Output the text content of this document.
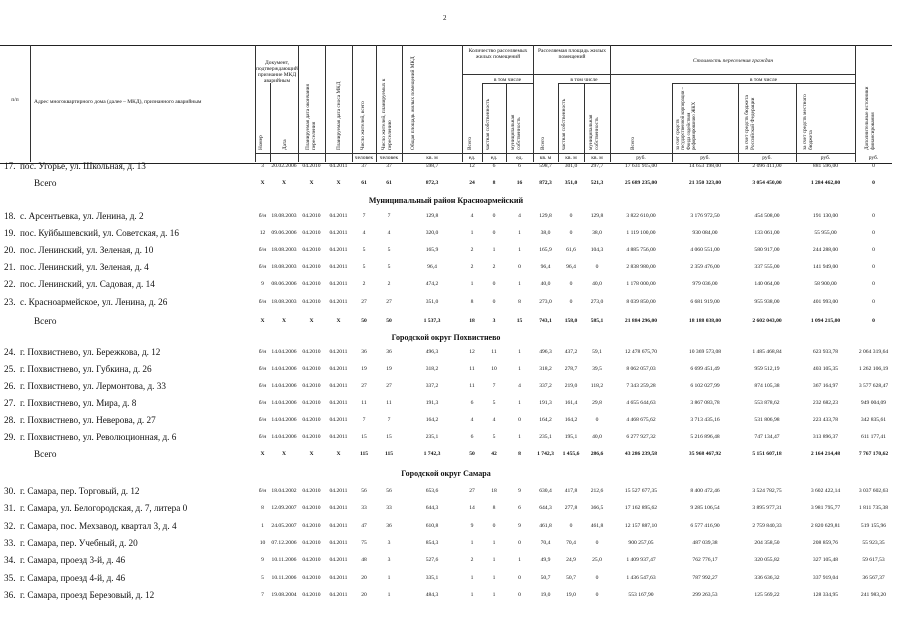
2
п/п	Адрес многоквартирного дома (далее – МКД), признанного аварийным
Документ, подтверждающий признание МКД аварийным
Номер	Дата	Планируемая дата окончания переселения	Планируемая дата сноса МКД	Число жителей, всего	Число жителей, планируемых к переселению	Общая площадь жилых помещений МКД
Количество расселяемых жилых помещений
Всего
в том числе
частная собственность	муниципальная собственность
Расселяемая площадь жилых помещений
Всего
в том числе
частная собственность	муниципальная собственность
Стоимость переселения граждан
Всего
в том числе
за счет средств государственной корпорации – Фонда содействия реформированию ЖКХ	за счет средств бюджета Российской Федерации	за счет средств местного бюджета	Дополнительные источники финансирования
человек	человек	кв. м	ед.	ед.	ед.	кв. м	кв. м	кв. м	руб.	руб.	руб.	руб.	руб.
17. пос. Угорье, ул. Школьная, д. 13	3	20.02.2006	04.2010	04.2011	37	37	598,7	12	6	6	598,7	301,0	297,7	17 631 915,00	14 653 198,00	2 096 411,00	881 596,00	0
Всего	X	X	X	X	61	61	872,3	24	8	16	872,3	351,0	521,3	25 689 235,00	21 350 323,00	3 054 450,00	1 284 462,00	0
Муниципальный район Красноармейский
18. с. Арсентьевка, ул. Ленина, д. 2	б/н 18.08.2003	04.2010	04.2011	7	7	129,8	4	0	4	129,8	0	129,8	3 822 610,00	3 176 972,50	454 508,00	191 130,00	0
19. пос. Куйбышевский, ул. Советская, д. 16	12	09.06.2006	04.2010	04.2011	4	4	320,0	1	0	1	38,0	0	38,0	1 119 100,00	930 084,00	133 061,00	55 955,00	0
20. пос. Ленинский, ул. Зеленая, д. 10	б/н 18.08.2003	04.2010	04.2011	5	5	165,9	2	1	1	165,9	61,6	104,3	4 885 756,00	4 060 551,00	580 917,00	244 288,00	0
21. пос. Ленинский, ул. Зеленая, д. 4	б/н 18.08.2003	04.2010	04.2011	5	5	96,4	2	2	0	96,4	96,4	0	2 838 980,00	2 359 476,00	337 555,00	141 949,00	0
22. пос. Ленинский, ул. Садовая, д. 14	9	08.06.2006	04.2010	04.2011	2	2	474,2	1	0	1	40,0	0	40,0	1 178 000,00	979 036,00	140 064,00	58 900,00	0
23. с. Красноармейское, ул. Ленина, д. 26	б/н 18.08.2003	04.2010	04.2011	27	27	351,0	8	0	8	273,0	0	273,0	8 039 850,00	6 681 919,00	955 938,00	401 993,00	0
Всего	X	X	X	X	50	50	1 537,3	18	3	15	743,1	158,0	585,1	21 884 296,00	18 188 038,00	2 602 043,00	1 094 215,00	0
Городской округ Похвистнево
24. г. Похвистнево, ул. Бережкова, д. 12	б/н 14.04.2006	04.2010	04.2011	36	36	496,3	12	11	1	496,3	437,2	59,1	12 478 675,70	10 369 573,08	1 485 468,84	623 933,78	2 064 319,64
25. г. Похвистнево, ул. Губкина, д. 26	б/н 14.04.2006	04.2010	04.2011	19	19	318,2	11	10	1	318,2	278,7	39,5	8 062 057,03	6 699 451,49	959 512,19	403 105,35	1 262 106,19
26. г. Похвистнево, ул. Лермонтова, д. 33	б/н 14.04.2006	04.2010	04.2011	27	27	337,2	11	7	4	337,2	219,0	118,2	7 343 259,28	6 102 027,99	874 105,38	367 164,97	3 577 628,47
27. г. Похвистнево, ул. Мира, д. 8	б/н 14.04.2006	04.2010	04.2011	11	11	191,3	6	5	1	191,3	161,4	29,8	4 655 644,63	3 867 083,78	553 878,62	232 682,23	949 004,09
28. г. Похвистнево, ул. Неверова, д. 27	б/н 14.04.2006	04.2010	04.2011	7	7	164,2	4	4	0	164,2	164,2	0	4 468 675,62	3 713 435,16	531 806,98	223 433,78	342 835,61
29. г. Похвистнево, ул. Революционная, д. 6	б/н 14.04.2006	04.2010	04.2011	15	15	235,1	6	5	1	235,1	195,1	40,0	6 277 927,32	5 216 896,48	747 134,47	313 896,37	611 177,41
Всего	X	X	X	X	115	115	1 742,3	50	42	8	1 742,3	1 455,6	286,6	43 286 239,58	35 968 467,92	5 151 607,18	2 164 214,48	7 767 170,62
Городской округ Самара
30. г. Самара, пер. Торговый, д. 12	б/н 18.04.2002	04.2010	04.2011	56	56	653,6	27	18	9	630,4	417,8	212,6	15 527 677,35	8 400 472,46	3 524 782,75	3 602 422,14	3 037 602,63
31. г. Самара, ул. Белогородская, д. 7, литера 0	8	12.09.2007	04.2010	04.2011	33	33	644,3	14	8	6	644,3	277,8	366,5	17 162 895,62	9 285 106,54	3 895 977,31	3 981 795,77	1 811 735,38
32. г. Самара, пос. Мехзавод, квартал 3, д. 4	1	24.05.2007	04.2010	04.2011	47	36	610,8	9	0	9	461,8	0	461,8	12 157 887,10	6 577 416,90	2 759 840,33	2 820 629,81	519 155,96
33. г. Самара, пер. Учебный, д. 20	10	07.12.2006	04.2010	04.2011	75	3	854,3	1	1	0	70,4	70,4	0	900 257,05	487 039,38	204 358,50	208 859,76	55 923,35
34. г. Самара, проезд 3-й, д. 46	9	10.11.2006	04.2010	04.2011	48	3	527,6	2	1	1	49,9	24,9	25,0	1 409 937,47	762 776,17	320 055,82	327 105,48	59 617,53
35. г. Самара, проезд 4-й, д. 46	5	10.11.2006	04.2010	04.2011	20	1	335,1	1	1	0	50,7	50,7	0	1 436 547,63	787 992,27	336 636,32	337 919,04	36 567,37
36. г. Самара, проезд Березовый, д. 12	7	19.08.2004	04.2010	04.2011	20	1	484,3	1	1	0	19,0	19,0	0	553 167,90	299 263,53	125 569,22	128 334,95	241 983,20
